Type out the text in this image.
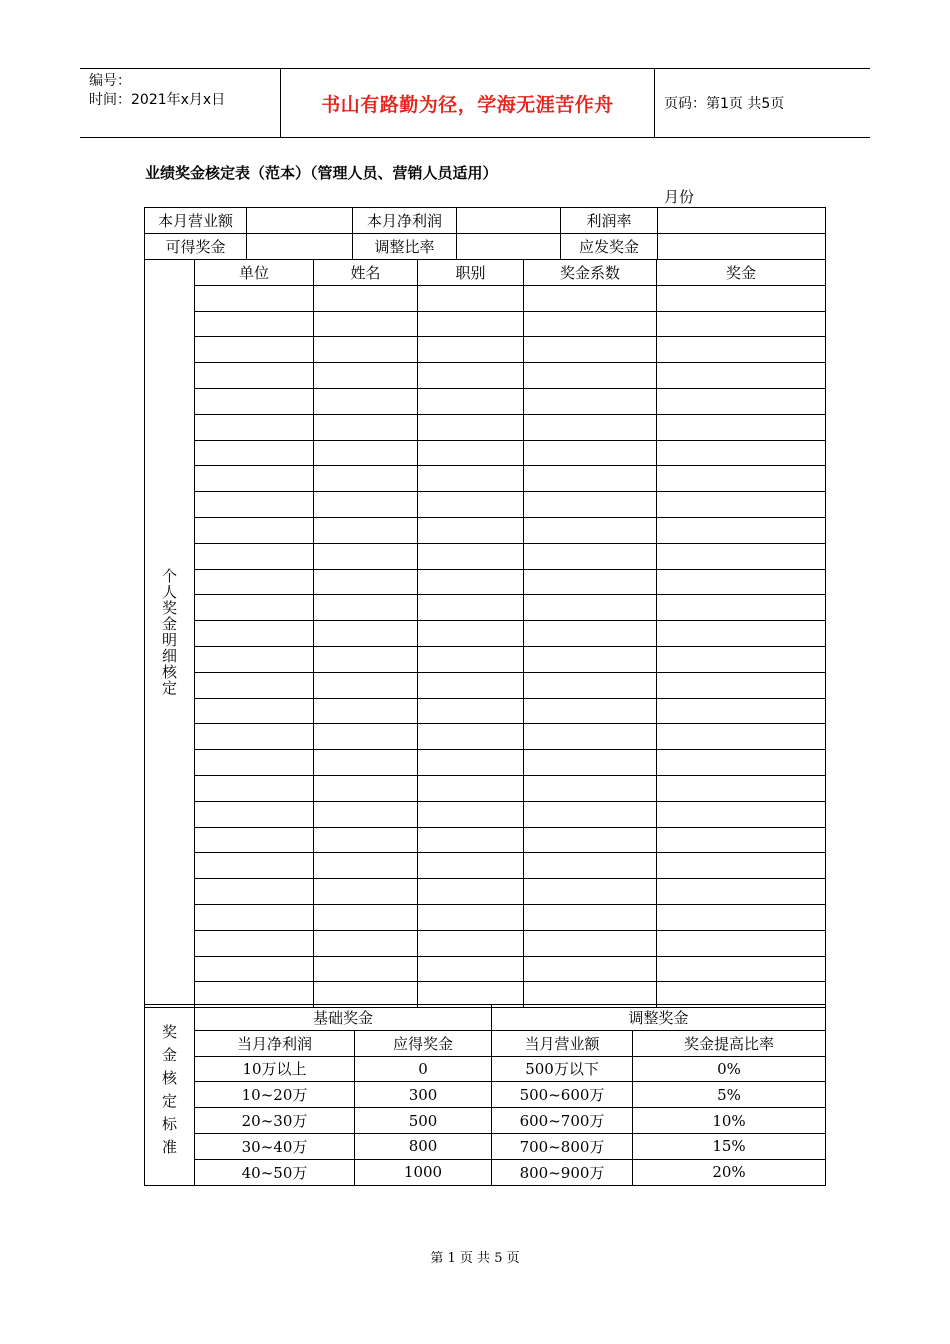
编号：
时间：2021年x月x日	书山有路勤为径，学海无涯苦作舟	页码：第1页 共5页
业绩奖金核定表（范本）（管理人员、营销人员适用）
月份
本月营业额		本月净利润		利润率	
可得奖金		调整比率		应发奖金	
个人奖金明细核定	单位	姓名	职别	奖金系数	奖金

奖金核定标准	基础奖金		调整奖金	
	当月净利润	应得奖金	当月营业额	奖金提高比率
	10万以上	0	500万以下	0%
	10~20万	300	500~600万	5%
	20~30万	500	600~700万	10%
	30~40万	800	700~800万	15%
	40~50万	1000	800~900万	20%
第 1 页 共 5 页
